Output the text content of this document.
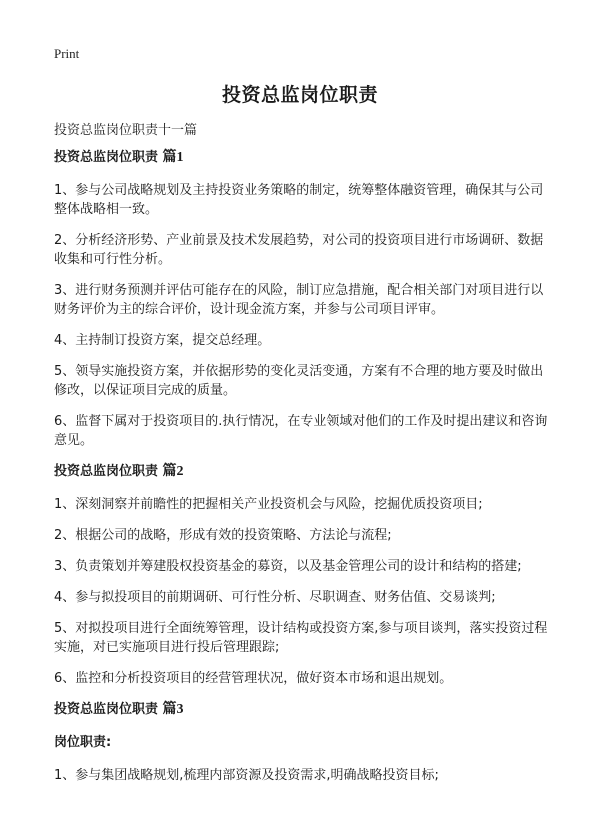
Print
投资总监岗位职责
投资总监岗位职责十一篇
投资总监岗位职责 篇1

1、参与公司战略规划及主持投资业务策略的制定，统筹整体融资管理，确保其与公司整体战略相一致。

2、分析经济形势、产业前景及技术发展趋势，对公司的投资项目进行市场调研、数据收集和可行性分析。

3、进行财务预测并评估可能存在的风险，制订应急措施，配合相关部门对项目进行以财务评价为主的综合评价，设计现金流方案，并参与公司项目评审。

4、主持制订投资方案，提交总经理。

5、领导实施投资方案，并依据形势的变化灵活变通，方案有不合理的地方要及时做出修改，以保证项目完成的质量。

6、监督下属对于投资项目的.执行情况，在专业领域对他们的工作及时提出建议和咨询意见。

投资总监岗位职责 篇2

1、深刻洞察并前瞻性的把握相关产业投资机会与风险，挖掘优质投资项目;

2、根据公司的战略，形成有效的投资策略、方法论与流程;

3、负责策划并筹建股权投资基金的募资，以及基金管理公司的设计和结构的搭建;

4、参与拟投项目的前期调研、可行性分析、尽职调查、财务估值、交易谈判;

5、对拟投项目进行全面统筹管理，设计结构或投资方案,参与项目谈判，落实投资过程实施，对已实施项目进行投后管理跟踪;

6、监控和分析投资项目的经营管理状况，做好资本市场和退出规划。

投资总监岗位职责 篇3
岗位职责:

1、参与集团战略规划,梳理内部资源及投资需求,明确战略投资目标;
